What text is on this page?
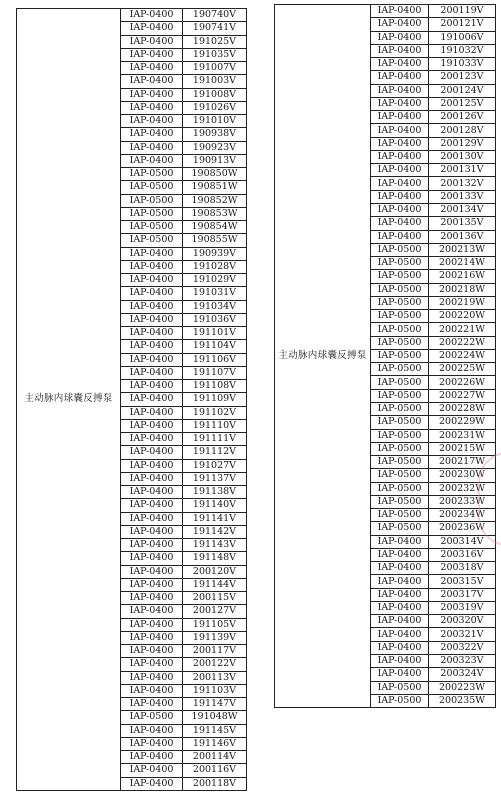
主动脉内球囊反搏泵	IAP-0400	190740V
	IAP-0400	190741V
	IAP-0400	191025V
	IAP-0400	191035V
	IAP-0400	191007V
	IAP-0400	191003V
	IAP-0400	191008V
	IAP-0400	191026V
	IAP-0400	191010V
	IAP-0400	190938V
	IAP-0400	190923V
	IAP-0400	190913V
	IAP-0500	190850W
	IAP-0500	190851W
	IAP-0500	190852W
	IAP-0500	190853W
	IAP-0500	190854W
	IAP-0500	190855W
	IAP-0400	190939V
	IAP-0400	191028V
	IAP-0400	191029V
	IAP-0400	191031V
	IAP-0400	191034V
	IAP-0400	191036V
	IAP-0400	191101V
	IAP-0400	191104V
	IAP-0400	191106V
	IAP-0400	191107V
	IAP-0400	191108V
	IAP-0400	191109V
	IAP-0400	191102V
	IAP-0400	191110V
	IAP-0400	191111V
	IAP-0400	191112V
	IAP-0400	191027V
	IAP-0400	191137V
	IAP-0400	191138V
	IAP-0400	191140V
	IAP-0400	191141V
	IAP-0400	191142V
	IAP-0400	191143V
	IAP-0400	191148V
	IAP-0400	200120V
	IAP-0400	191144V
	IAP-0400	200115V
	IAP-0400	200127V
	IAP-0400	191105V
	IAP-0400	191139V
	IAP-0400	200117V
	IAP-0400	200122V
	IAP-0400	200113V
	IAP-0400	191103V
	IAP-0400	191147V
	IAP-0500	191048W
	IAP-0400	191145V
	IAP-0400	191146V
	IAP-0400	200114V
	IAP-0400	200116V
	IAP-0400	200118V
主动脉内球囊反搏泵	IAP-0400	200119V
	IAP-0400	200121V
	IAP-0400	191006V
	IAP-0400	191032V
	IAP-0400	191033V
	IAP-0400	200123V
	IAP-0400	200124V
	IAP-0400	200125V
	IAP-0400	200126V
	IAP-0400	200128V
	IAP-0400	200129V
	IAP-0400	200130V
	IAP-0400	200131V
	IAP-0400	200132V
	IAP-0400	200133V
	IAP-0400	200134V
	IAP-0400	200135V
	IAP-0400	200136V
	IAP-0500	200213W
	IAP-0500	200214W
	IAP-0500	200216W
	IAP-0500	200218W
	IAP-0500	200219W
	IAP-0500	200220W
	IAP-0500	200221W
	IAP-0500	200222W
	IAP-0500	200224W
	IAP-0500	200225W
	IAP-0500	200226W
	IAP-0500	200227W
	IAP-0500	200228W
	IAP-0500	200229W
	IAP-0500	200231W
	IAP-0500	200215W
	IAP-0500	200217W
	IAP-0500	200230W
	IAP-0500	200232W
	IAP-0500	200233W
	IAP-0500	200234W
	IAP-0500	200236W
	IAP-0400	200314V
	IAP-0400	200316V
	IAP-0400	200318V
	IAP-0400	200315V
	IAP-0400	200317V
	IAP-0400	200319V
	IAP-0400	200320V
	IAP-0400	200321V
	IAP-0400	200322V
	IAP-0400	200323V
	IAP-0400	200324V
	IAP-0500	200223W
	IAP-0500	200235W
